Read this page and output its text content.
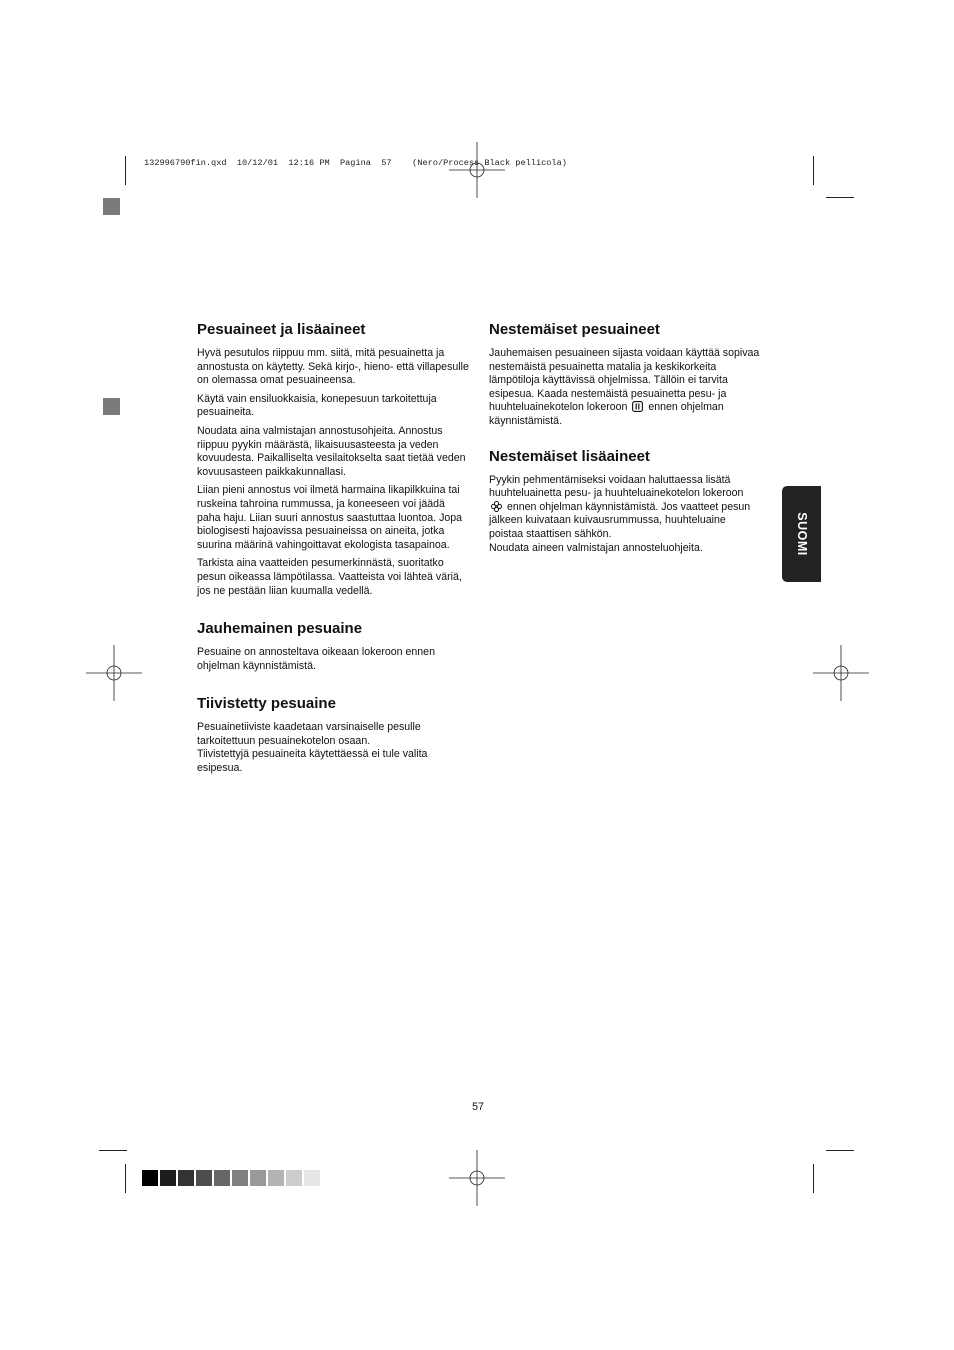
132996790fin.qxd  10/12/01  12:16 PM  Pagina  57    (Nero/Process Black pellicola)
Pesuaineet ja lisäaineet

Hyvä pesutulos riippuu mm. siitä, mitä pesuainetta ja annostusta on käytetty. Sekä kirjo-, hieno- että villapesulle on olemassa omat pesuaineensa.

Käytä vain ensiluokkaisia, konepesuun tarkoitettuja pesuaineita.

Noudata aina valmistajan annostusohjeita. Annostus riippuu pyykin määrästä, likaisuusasteesta ja veden kovuudesta. Paikalliselta vesilaitokselta saat tietää veden kovuusasteen paikkakunnallasi.

Liian pieni annostus voi ilmetä harmaina likapilkkuina tai ruskeina tahroina rummussa, ja koneeseen voi jäädä paha haju. Liian suuri annostus saastuttaa luontoa. Jopa biologisesti hajoavissa pesuaineissa on aineita, jotka suurina määrinä vahingoittavat ekologista tasapainoa.

Tarkista aina vaatteiden pesumerkinnästä, suoritatko pesun oikeassa lämpötilassa. Vaatteista voi lähteä väriä, jos ne pestään liian kuumalla vedellä.

Jauhemainen pesuaine

Pesuaine on annosteltava oikeaan lokeroon ennen ohjelman käynnistämistä.

Tiivistetty pesuaine

Pesuainetiiviste kaadetaan varsinaiselle pesulle tarkoitettuun pesuainekotelon osaan.

Tiivistettyjä pesuaineita käytettäessä ei tule valita esipesua.

Nestemäiset pesuaineet

Jauhemaisen pesuaineen sijasta voidaan käyttää sopivaa nestemäistä pesuainetta matalia ja keskikorkeita lämpötiloja käyttävissä ohjelmissa. Tällöin ei tarvita esipesua. Kaada nestemäistä pesuainetta pesu- ja huuhteluainekotelon lokeroon ennen ohjelman käynnistämistä.

Nestemäiset lisäaineet

Pyykin pehmentämiseksi voidaan haluttaessa lisätä huuhteluainetta pesu- ja huuhteluainekotelon lokeroon  ennen ohjelman käynnistämistä. Jos vaatteet pesun jälkeen kuivataan kuivausrummussa, huuhteluaine poistaa staattisen sähkön.

Noudata aineen valmistajan annosteluohjeita.	SUOMI
57
